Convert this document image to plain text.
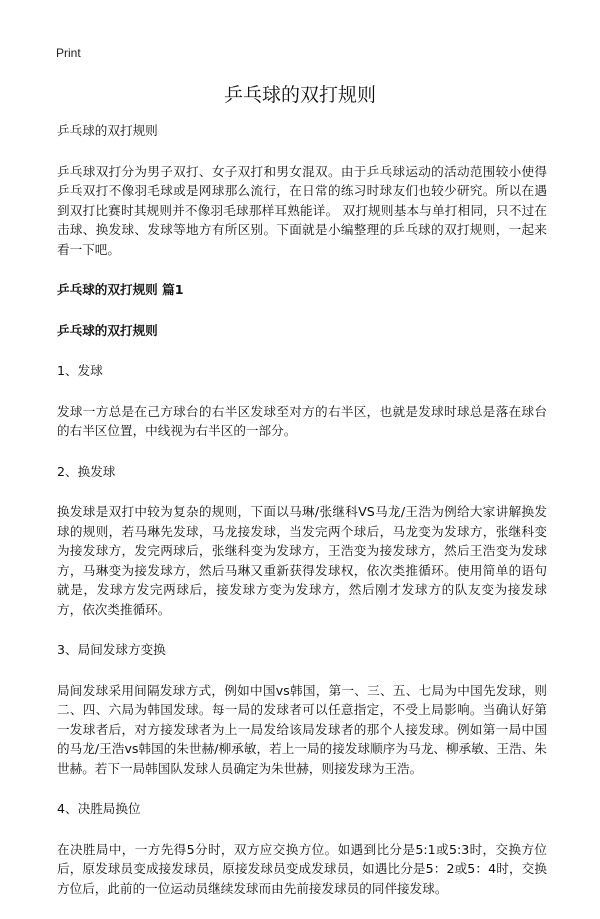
Print
乒乓球的双打规则

乒乓球的双打规则

乒乓球双打分为男子双打、女子双打和男女混双。由于乒乓球运动的活动范围较小使得乒乓双打不像羽毛球或是网球那么流行，在日常的练习时球友们也较少研究。所以在遇到双打比赛时其规则并不像羽毛球那样耳熟能详。 双打规则基本与单打相同，只不过在击球、换发球、发球等地方有所区别。下面就是小编整理的乒乓球的双打规则，一起来看一下吧。

乒乓球的双打规则 篇1

乒乓球的双打规则

1、发球

发球一方总是在己方球台的右半区发球至对方的右半区，也就是发球时球总是落在球台的右半区位置，中线视为右半区的一部分。

2、换发球

换发球是双打中较为复杂的规则，下面以马琳/张继科VS马龙/王浩为例给大家讲解换发球的规则，若马琳先发球，马龙接发球，当发完两个球后，马龙变为发球方，张继科变为接发球方，发完两球后，张继科变为发球方，王浩变为接发球方，然后王浩变为发球方，马琳变为接发球方，然后马琳又重新获得发球权，依次类推循环。使用简单的语句就是，发球方发完两球后，接发球方变为发球方，然后刚才发球方的队友变为接发球方，依次类推循环。

3、局间发球方变换

局间发球采用间隔发球方式，例如中国vs韩国，第一、三、五、七局为中国先发球，则二、四、六局为韩国发球。每一局的发球者可以任意指定，不受上局影响。当确认好第一发球者后，对方接发球者为上一局发给该局发球者的那个人接发球。例如第一局中国的马龙/王浩vs韩国的朱世赫/柳承敏，若上一局的接发球顺序为马龙、柳承敏、王浩、朱世赫。若下一局韩国队发球人员确定为朱世赫，则接发球为王浩。

4、决胜局换位

在决胜局中，一方先得5分时，双方应交换方位。如遇到比分是5:1或5:3时，交换方位后，原发球员变成接发球员，原接发球员变成发球员，如遇比分是5：2或5：4时，交换方位后，此前的一位运动员继续发球而由先前接发球员的同伴接发球。
